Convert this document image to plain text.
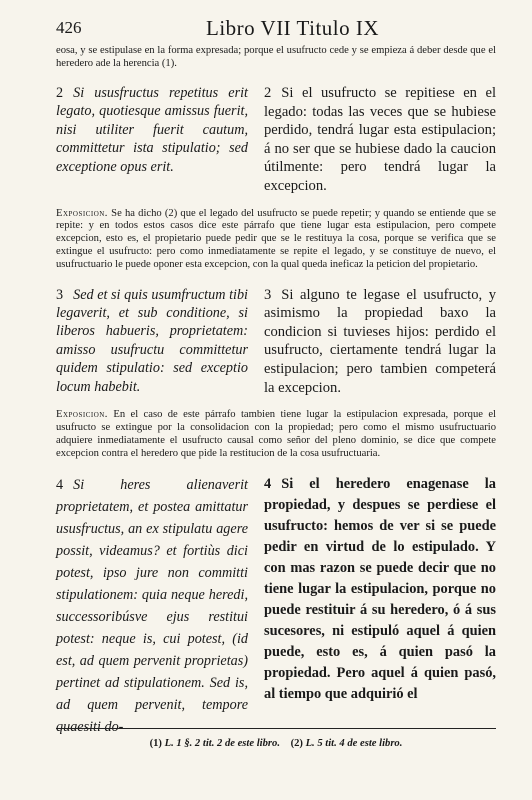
426	Libro VII Titulo IX
eosa, y se estipulase en la forma expresada; porque el usufructo cede y se empieza á deber desde que el heredero ade la herencia (1).
2 Si ususfructus repetitus erit legato, quotiesque amissus fuerit, nisi utiliter fuerit cautum, committetur ista stipulatio; sed exceptione opus erit.
2 Si el usufructo se repitiese en el legado: todas las veces que se hubiese perdido, tendrá lugar esta estipulacion; á no ser que se hubiese dado la caucion útilmente: pero tendrá lugar la excepcion.
Exposicion. Se ha dicho (2) que el legado del usufructo se puede repetir; y quando se entiende que se repite: y en todos estos casos dice este párrafo que tiene lugar esta estipulacion, pero compete excepcion, esto es, el propietario puede pedir que se le restituya la cosa, porque se verifica que se extingue el usufructo: pero como inmediatamente se repite el legado, y se constituye de nuevo, el usufructuario le puede oponer esta excepcion, con la qual queda ineficaz la peticion del propietario.
3 Sed et si quis usumfructum tibi legaverit, et sub conditione, si liberos habueris, proprietatem: amisso usufructu committetur quidem stipulatio: sed exceptio locum habebit.
3 Si alguno te legase el usufructo, y asimismo la propiedad baxo la condicion si tuvieses hijos: perdido el usufructo, ciertamente tendrá lugar la estipulacion; pero tambien competerá la excepcion.
Exposicion. En el caso de este párrafo tambien tiene lugar la estipulacion expresada, porque el usufructo se extingue por la consolidacion con la propiedad; pero como el mismo usufructuario adquiere inmediatamente el usufructo causal como señor del pleno dominio, se dice que compete excepcion contra el heredero que pide la restitucion de la cosa usufructuaria.
4 Si heres alienaverit proprietatem, et postea amittatur ususfructus, an ex stipulatu agere possit, videamus? et fortiùs dici potest, ipso jure non committi stipulationem: quia neque heredi, successoribúsve ejus restitui potest: neque is, cui potest, (id est, ad quem pervenit proprietas) pertinet ad stipulationem. Sed is, ad quem pervenit, tempore quaesiti do-
4 Si el heredero enagenase la propiedad, y despues se perdiese el usufructo: hemos de ver si se puede pedir en virtud de lo estipulado. Y con mas razon se puede decir que no tiene lugar la estipulacion, porque no puede restituir á su heredero, ó á sus sucesores, ni estipuló aquel á quien puede, esto es, á quien pasó la propiedad. Pero aquel á quien pasó, al tiempo que adquirió el
(1) L. 1 §. 2 tit. 2 de este libro. (2) L. 5 tit. 4 de este libro.
